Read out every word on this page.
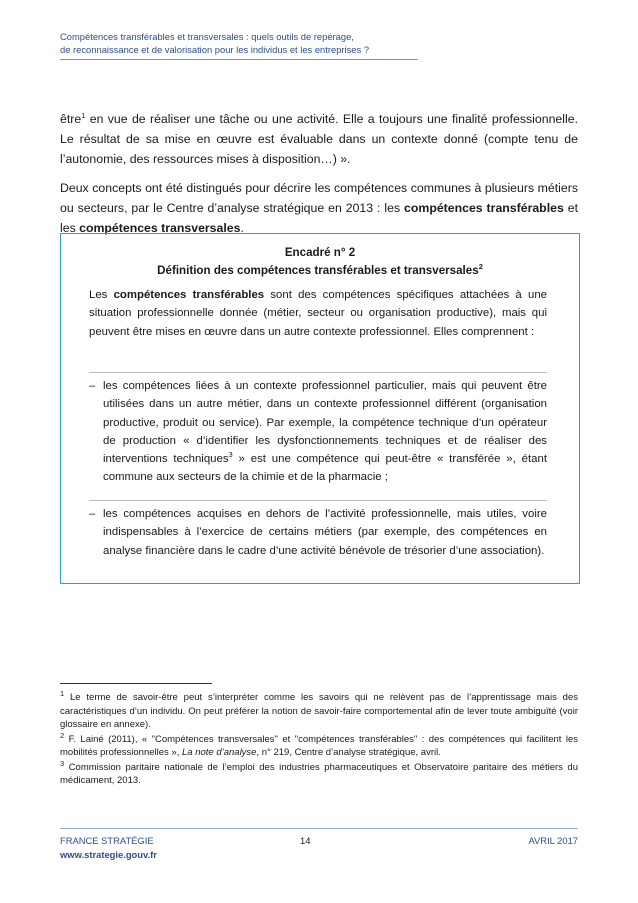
Compétences transférables et transversales : quels outils de repérage,
de reconnaissance et de valorisation pour les individus et les entreprises ?
être$^1$ en vue de réaliser une tâche ou une activité. Elle a toujours une finalité professionnelle. Le résultat de sa mise en œuvre est évaluable dans un contexte donné (compte tenu de l’autonomie, des ressources mises à disposition…) ».
Deux concepts ont été distingués pour décrire les compétences communes à plusieurs métiers ou secteurs, par le Centre d’analyse stratégique en 2013 : les compétences transférables et les compétences transversales.
Encadré n° 2
Définition des compétences transférables et transversales$^2$
Les compétences transférables sont des compétences spécifiques attachées à une situation professionnelle donnée (métier, secteur ou organisation productive), mais qui peuvent être mises en œuvre dans un autre contexte professionnel. Elles comprennent :
– les compétences liées à un contexte professionnel particulier, mais qui peuvent être utilisées dans un autre métier, dans un contexte professionnel différent (organisation productive, produit ou service). Par exemple, la compétence technique d’un opérateur de production « d’identifier les dysfonctionnements techniques et de réaliser des interventions techniques$^3$ » est une compétence qui peut-être « transférée », étant commune aux secteurs de la chimie et de la pharmacie ;
– les compétences acquises en dehors de l’activité professionnelle, mais utiles, voire indispensables à l’exercice de certains métiers (par exemple, des compétences en analyse financière dans le cadre d’une activité bénévole de trésorier d’une association).

$^1$ Le terme de savoir-être peut s’interpréter comme les savoirs qui ne relèvent pas de l’apprentissage mais des caractéristiques d’un individu. On peut préférer la notion de savoir-faire comportemental afin de lever toute ambiguïté (voir glossaire en annexe).

$^2$ F. Lainé (2011), « "Compétences transversales" et "compétences transférables" : des compétences qui facilitent les mobilités professionnelles », La note d’analyse, n° 219, Centre d’analyse stratégique, avril.

$^3$ Commission paritaire nationale de l’emploi des industries pharmaceutiques et Observatoire paritaire des métiers du médicament, 2013.

FRANCE STRATÉGIE	14	AVRIL 2017
www.strategie.gouv.fr
